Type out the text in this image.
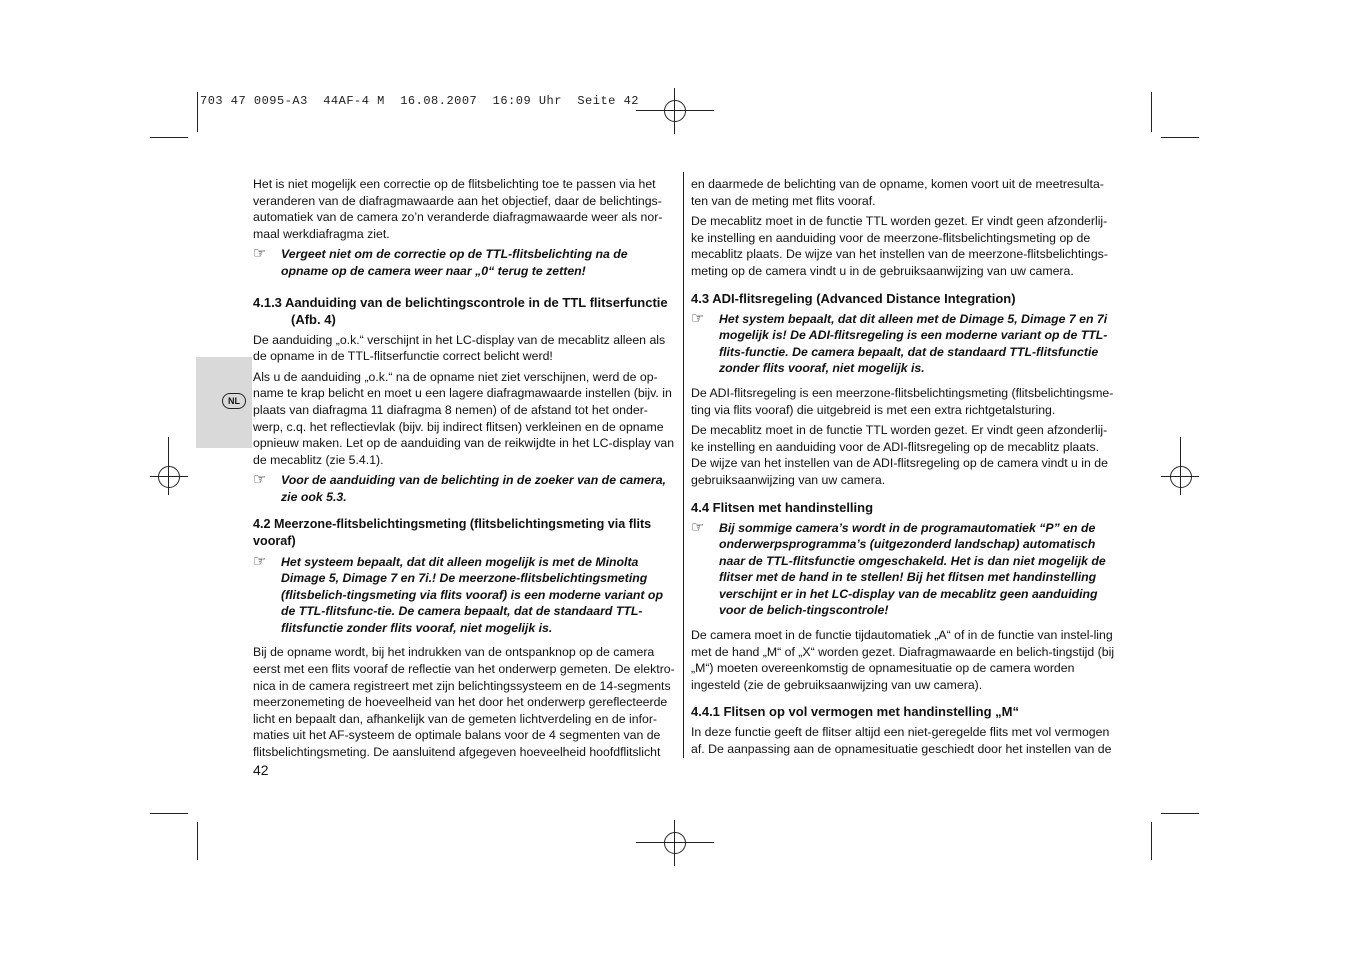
703 47 0095-A3  44AF-4 M  16.08.2007  16:09 Uhr  Seite 42
NL

Het is niet mogelijk een correctie op de flitsbelichting toe te passen via het veranderen van de diafragmawaarde aan het objectief, daar de belichtings-automatiek van de camera zo’n veranderde diafragmawaarde weer als nor-maal werkdiafragma ziet.

☞	Vergeet niet om de correctie op de TTL-flitsbelichting na de opname op de camera weer naar „0“ terug te zetten!
4.1.3 Aanduiding van de belichtingscontrole in de TTL flitserfunctie
(Afb. 4)

De aanduiding „o.k.“ verschijnt in het LC-display van de mecablitz alleen als de opname in de TTL-flitserfunctie correct belicht werd!

Als u de aanduiding „o.k.“ na de opname niet ziet verschijnen, werd de op-name te krap belicht en moet u een lagere diafragmawaarde instellen (bijv. in plaats van diafragma 11 diafragma 8 nemen) of de afstand tot het onder-werp, c.q. het reflectievlak (bijv. bij indirect flitsen) verkleinen en de opname opnieuw maken. Let op de aanduiding van de reikwijdte in het LC-display van de mecablitz (zie 5.4.1).

☞	Voor de aanduiding van de belichting in de zoeker van de camera, zie ook 5.3.
4.2 Meerzone-flitsbelichtingsmeting (flitsbelichtingsmeting via flits vooraf)
☞	Het systeem bepaalt, dat dit alleen mogelijk is met de Minolta Dimage 5, Dimage 7 en 7i.! De meerzone-flitsbelichtingsmeting (flitsbelich-tingsmeting via flits vooraf) is een moderne variant op de TTL-flitsfunc-tie. De camera bepaalt, dat de standaard TTL-flitsfunctie zonder flits vooraf, niet mogelijk is.

Bij de opname wordt, bij het indrukken van de ontspanknop op de camera eerst met een flits vooraf de reflectie van het onderwerp gemeten. De elektro-nica in de camera registreert met zijn belichtingssysteem en de 14-segments meerzonemeting de hoeveelheid van het door het onderwerp gereflecteerde licht en bepaalt dan, afhankelijk van de gemeten lichtverdeling en de infor-maties uit het AF-systeem de optimale balans voor de 4 segmenten van de flitsbelichtingsmeting. De aansluitend afgegeven hoeveelheid hoofdflitslicht

en daarmede de belichting van de opname, komen voort uit de meetresulta-ten van de meting met flits vooraf.

De mecablitz moet in de functie TTL worden gezet. Er vindt geen afzonderlij-ke instelling en aanduiding voor de meerzone-flitsbelichtingsmeting op de mecablitz plaats. De wijze van het instellen van de meerzone-flitsbelichtings-meting op de camera vindt u in de gebruiksaanwijzing van uw camera.

4.3 ADI-flitsregeling (Advanced Distance Integration)
☞	Het system bepaalt, dat dit alleen met de Dimage 5, Dimage 7 en 7i mogelijk is! De ADI-flitsregeling is een moderne variant op de TTL-flits-functie. De camera bepaalt, dat de standaard TTL-flitsfunctie zonder flits vooraf, niet mogelijk is.

De ADI-flitsregeling is een meerzone-flitsbelichtingsmeting (flitsbelichtingsme-ting via flits vooraf) die uitgebreid is met een extra richtgetalsturing.

De mecablitz moet in de functie TTL worden gezet. Er vindt geen afzonderlij-ke instelling en aanduiding voor de ADI-flitsregeling op de mecablitz plaats. De wijze van het instellen van de ADI-flitsregeling op de camera vindt u in de gebruiksaanwijzing van uw camera.

4.4 Flitsen met handinstelling
☞	Bij sommige camera’s wordt in de programautomatiek “P” en de onderwerpsprogramma’s (uitgezonderd landschap) automatisch naar de TTL-flitsfunctie omgeschakeld. Het is dan niet mogelijk de flitser met de hand in te stellen! Bij het flitsen met handinstelling verschijnt er in het LC-display van de mecablitz geen aanduiding voor de belich-tingscontrole!

De camera moet in de functie tijdautomatiek „A“ of in de functie van instel-ling met de hand „M“ of „X“ worden gezet. Diafragmawaarde en belich-tingstijd (bij „M“) moeten overeenkomstig de opnamesituatie op de camera worden ingesteld (zie de gebruiksaanwijzing van uw camera).

4.4.1 Flitsen op vol vermogen met handinstelling „M“

In deze functie geeft de flitser altijd een niet-geregelde flits met vol vermogen af. De aanpassing aan de opnamesituatie geschiedt door het instellen van de

42
